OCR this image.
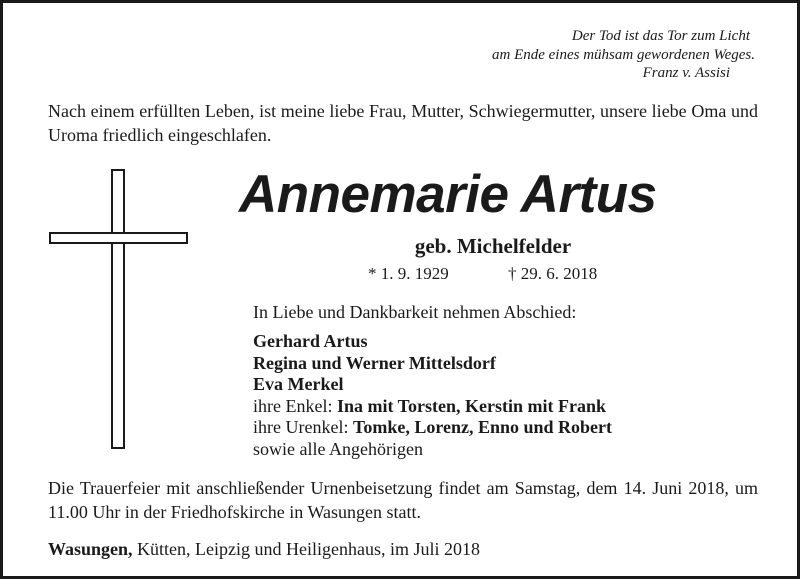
Der Tod ist das Tor zum Licht
am Ende eines mühsam gewordenen Weges.
Franz v. Assisi
Nach einem erfüllten Leben, ist meine liebe Frau, Mutter, Schwiegermutter, unsere liebe Oma und Uroma friedlich eingeschlafen.
Annemarie Artus
geb. Michelfelder
* 1. 9. 1929	† 29. 6. 2018
In Liebe und Dankbarkeit nehmen Abschied:
Gerhard Artus
Regina und Werner Mittelsdorf
Eva Merkel
ihre Enkel: Ina mit Torsten, Kerstin mit Frank
ihre Urenkel: Tomke, Lorenz, Enno und Robert
sowie alle Angehörigen
Die Trauerfeier mit anschließender Urnenbeisetzung findet am Samstag, dem 14. Juni 2018, um 11.00 Uhr in der Friedhofskirche in Wasungen statt.
Wasungen, Kütten, Leipzig und Heiligenhaus, im Juli 2018
